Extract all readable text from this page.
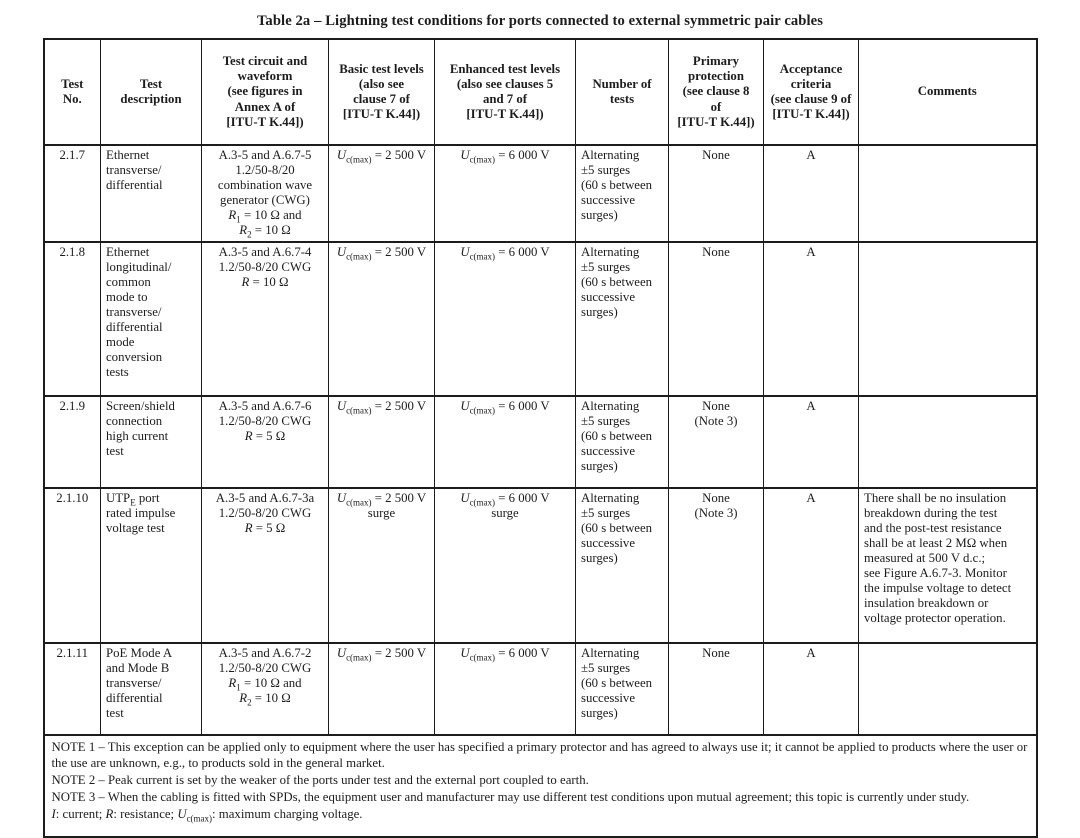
Table 2a – Lightning test conditions for ports connected to external symmetric pair cables
Test
No.	Test
description	Test circuit and
waveform
(see figures in
Annex A of
[ITU-T K.44])	Basic test levels
(also see
clause 7 of
[ITU-T K.44])	Enhanced test levels
(also see clauses 5
and 7 of
[ITU-T K.44])	Number of
tests	Primary
protection
(see clause 8
of
[ITU-T K.44])	Acceptance
criteria
(see clause 9 of
[ITU-T K.44])	Comments
2.1.7	Ethernet
transverse/
differential	A.3-5 and A.6.7-5
1.2/50-8/20
combination wave
generator (CWG)
$R_1 = 10$ Ω and
$R_2 = 10$ Ω	$U_{c(max)} = 2$ 500 V	$U_{c(max)} = 6$ 000 V	Alternating
±5 surges
(60 s between
successive
surges)	None	A	
2.1.8	Ethernet
longitudinal/
common
mode to
transverse/
differential
mode
conversion
tests	A.3-5 and A.6.7-4
1.2/50-8/20 CWG
R = 10 Ω	$U_{c(max)} = 2$ 500 V	$U_{c(max)} = 6$ 000 V	Alternating
±5 surges
(60 s between
successive
surges)	None	A	
2.1.9	Screen/shield
connection
high current
test	A.3-5 and A.6.7-6
1.2/50-8/20 CWG
R = 5 Ω	$U_{c(max)} = 2$ 500 V	$U_{c(max)} = 6$ 000 V	Alternating
±5 surges
(60 s between
successive
surges)	None
(Note 3)	A	
2.1.10	$UTP_E$ port
rated impulse
voltage test	A.3-5 and A.6.7-3a
1.2/50-8/20 CWG
R = 5 Ω	$U_{c(max)} = 2$ 500 V
surge	$U_{c(max)} = 6$ 000 V
surge	Alternating
±5 surges
(60 s between
successive
surges)	None
(Note 3)	A	There shall be no insulation
breakdown during the test
and the post-test resistance
shall be at least 2 MΩ when
measured at 500 V d.c.;
see Figure A.6.7-3. Monitor
the impulse voltage to detect
insulation breakdown or
voltage protector operation.
2.1.11	PoE Mode A
and Mode B
transverse/
differential
test	A.3-5 and A.6.7-2
1.2/50-8/20 CWG
$R_1 = 10$ Ω and
$R_2 = 10$ Ω	$U_{c(max)} = 2$ 500 V	$U_{c(max)} = 6$ 000 V	Alternating
±5 surges
(60 s between
successive
surges)	None	A	

NOTE 1 – This exception can be applied only to equipment where the user has specified a primary protector and has agreed to always use it; it cannot be applied to products where the user or the use are unknown, e.g., to products sold in the general market.
NOTE 2 – Peak current is set by the weaker of the ports under test and the external port coupled to earth.
NOTE 3 – When the cabling is fitted with SPDs, the equipment user and manufacturer may use different test conditions upon mutual agreement; this topic is currently under study.
I: current; R: resistance; $U_{c(max)}$: maximum charging voltage.								
